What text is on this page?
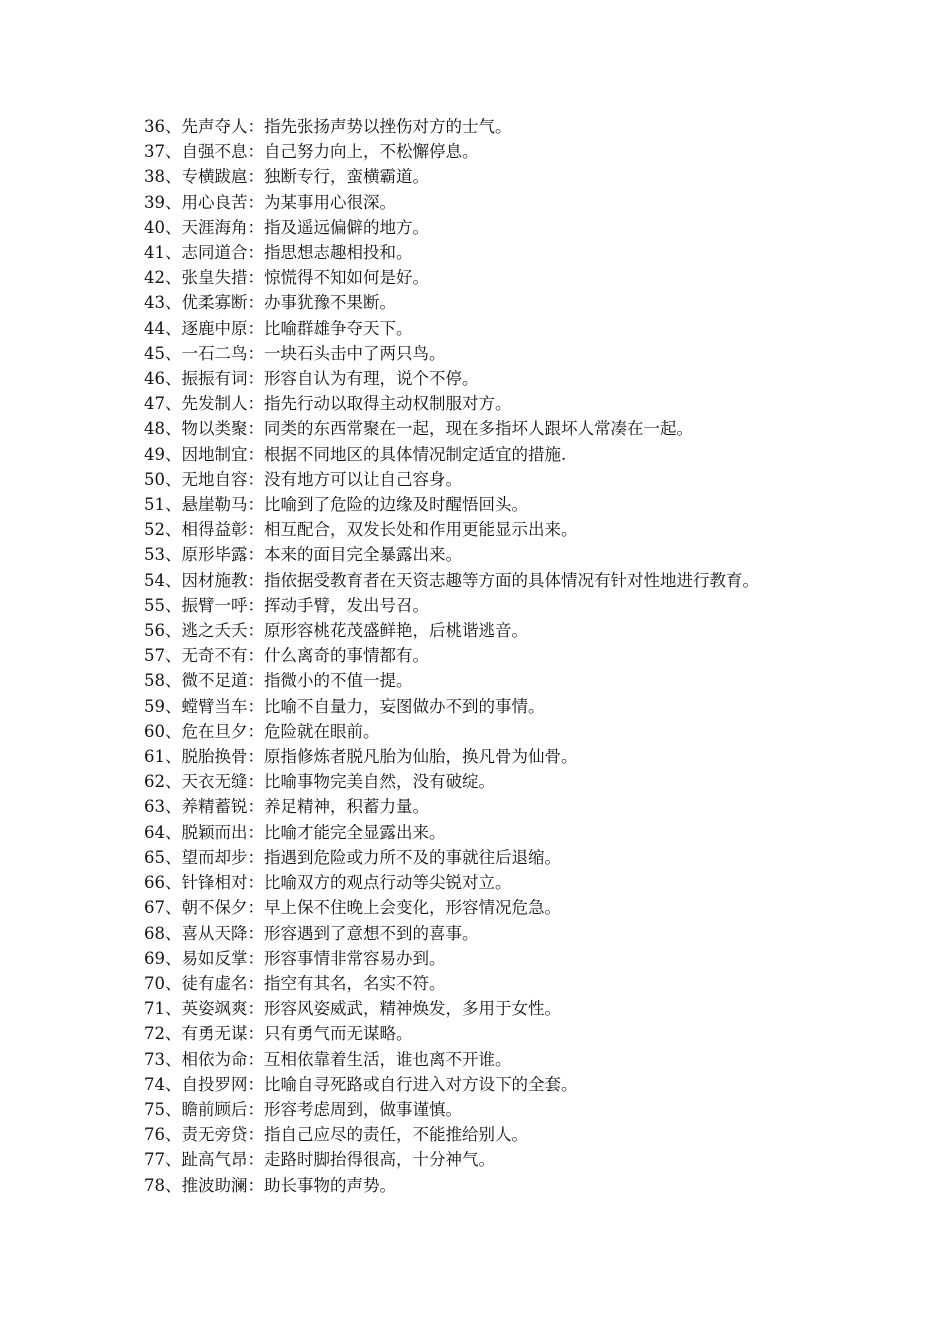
36、先声夺人：指先张扬声势以挫伤对方的士气。

37、自强不息：自己努力向上，不松懈停息。

38、专横跋扈：独断专行，蛮横霸道。

39、用心良苦：为某事用心很深。

40、天涯海角：指及遥远偏僻的地方。

41、志同道合：指思想志趣相投和。

42、张皇失措：惊慌得不知如何是好。

43、优柔寡断：办事犹豫不果断。

44、逐鹿中原：比喻群雄争夺天下。

45、一石二鸟：一块石头击中了两只鸟。

46、振振有词：形容自认为有理，说个不停。

47、先发制人：指先行动以取得主动权制服对方。

48、物以类聚：同类的东西常聚在一起，现在多指坏人跟坏人常凑在一起。

49、因地制宜：根据不同地区的具体情况制定适宜的措施.

50、无地自容：没有地方可以让自己容身。

51、悬崖勒马：比喻到了危险的边缘及时醒悟回头。

52、相得益彰：相互配合，双发长处和作用更能显示出来。

53、原形毕露：本来的面目完全暴露出来。

54、因材施教：指依据受教育者在天资志趣等方面的具体情况有针对性地进行教育。

55、振臂一呼：挥动手臂，发出号召。

56、逃之夭夭：原形容桃花茂盛鲜艳，后桃谐逃音。

57、无奇不有：什么离奇的事情都有。

58、微不足道：指微小的不值一提。

59、螳臂当车：比喻不自量力，妄图做办不到的事情。

60、危在旦夕：危险就在眼前。

61、脱胎换骨：原指修炼者脱凡胎为仙胎，换凡骨为仙骨。

62、天衣无缝：比喻事物完美自然，没有破绽。

63、养精蓄锐：养足精神，积蓄力量。

64、脱颖而出：比喻才能完全显露出来。

65、望而却步：指遇到危险或力所不及的事就往后退缩。

66、针锋相对：比喻双方的观点行动等尖锐对立。

67、朝不保夕：早上保不住晚上会变化，形容情况危急。

68、喜从天降：形容遇到了意想不到的喜事。

69、易如反掌：形容事情非常容易办到。

70、徒有虚名：指空有其名，名实不符。

71、英姿飒爽：形容风姿威武，精神焕发，多用于女性。

72、有勇无谋：只有勇气而无谋略。

73、相依为命：互相依靠着生活，谁也离不开谁。

74、自投罗网：比喻自寻死路或自行进入对方设下的全套。

75、瞻前顾后：形容考虑周到，做事谨慎。

76、责无旁贷：指自己应尽的责任，不能推给别人。

77、趾高气昂：走路时脚抬得很高，十分神气。

78、推波助澜：助长事物的声势。
